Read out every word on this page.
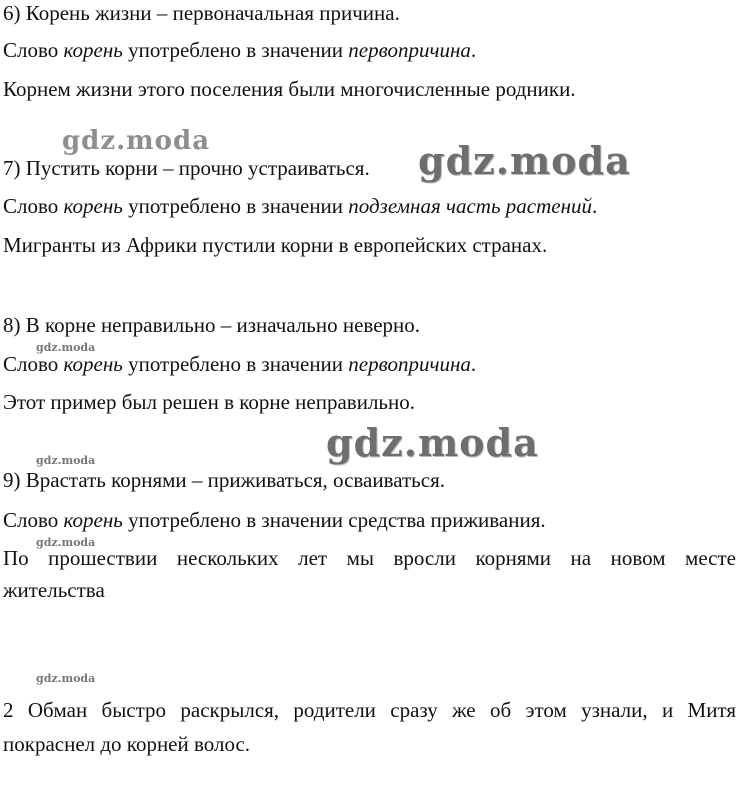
6) Корень жизни – первоначальная причина.
Слово корень употреблено в значении первопричина.
Корнем жизни этого поселения были многочисленные родники.
7) Пустить корни – прочно устраиваться.
Слово корень употреблено в значении подземная часть растений.
Мигранты из Африки пустили корни в европейских странах.
8) В корне неправильно – изначально неверно.
Слово корень употреблено в значении первопричина.
Этот пример был решен в корне неправильно.
9) Врастать корнями – приживаться, осваиваться.
Слово корень употреблено в значении средства приживания.
По прошествии нескольких лет мы вросли корнями на новом месте
жительства
2 Обман быстро раскрылся, родители сразу же об этом узнали, и Митя
покраснел до корней волос.
gdz.moda	gdz.moda
gdz.moda
gdz.moda
gdz.moda
gdz.moda
gdz.moda
